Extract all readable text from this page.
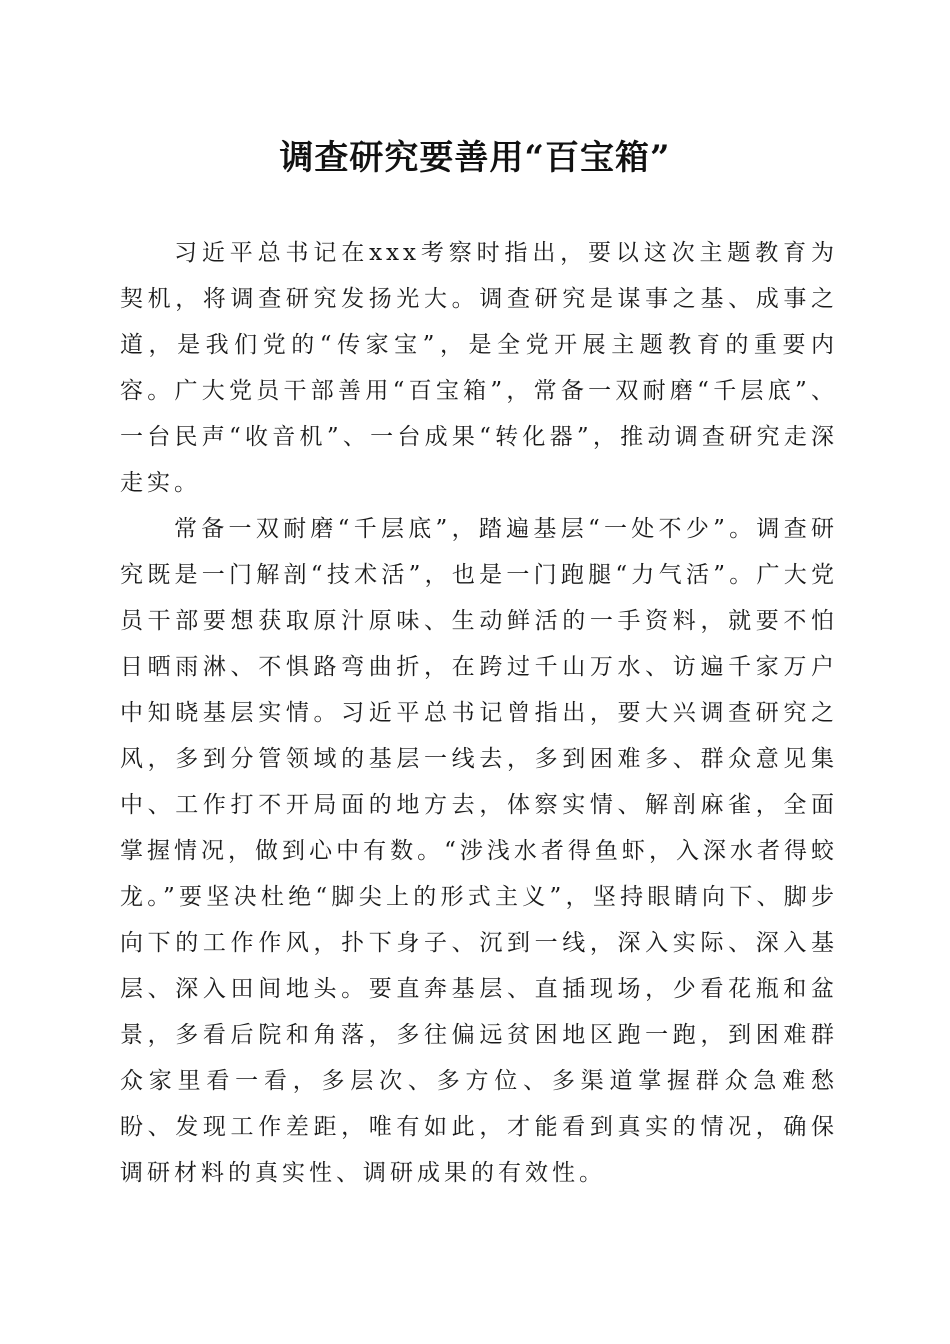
调查研究要善用“百宝箱”

习近平总书记在xxx考察时指出，要以这次主题教育为契机，将调查研究发扬光大。调查研究是谋事之基、成事之道，是我们党的“传家宝”，是全党开展主题教育的重要内容。广大党员干部善用“百宝箱”，常备一双耐磨“千层底”、一台民声“收音机”、一台成果“转化器”，推动调查研究走深走实。

常备一双耐磨“千层底”，踏遍基层“一处不少”。调查研究既是一门解剖“技术活”，也是一门跑腿“力气活”。广大党员干部要想获取原汁原味、生动鲜活的一手资料，就要不怕日晒雨淋、不惧路弯曲折，在跨过千山万水、访遍千家万户中知晓基层实情。习近平总书记曾指出，要大兴调查研究之风，多到分管领域的基层一线去，多到困难多、群众意见集中、工作打不开局面的地方去，体察实情、解剖麻雀，全面掌握情况，做到心中有数。“涉浅水者得鱼虾，入深水者得蛟龙。”要坚决杜绝“脚尖上的形式主义”，坚持眼睛向下、脚步向下的工作作风，扑下身子、沉到一线，深入实际、深入基层、深入田间地头。要直奔基层、直插现场，少看花瓶和盆景，多看后院和角落，多往偏远贫困地区跑一跑，到困难群众家里看一看，多层次、多方位、多渠道掌握群众急难愁盼、发现工作差距，唯有如此，才能看到真实的情况，确保调研材料的真实性、调研成果的有效性。
